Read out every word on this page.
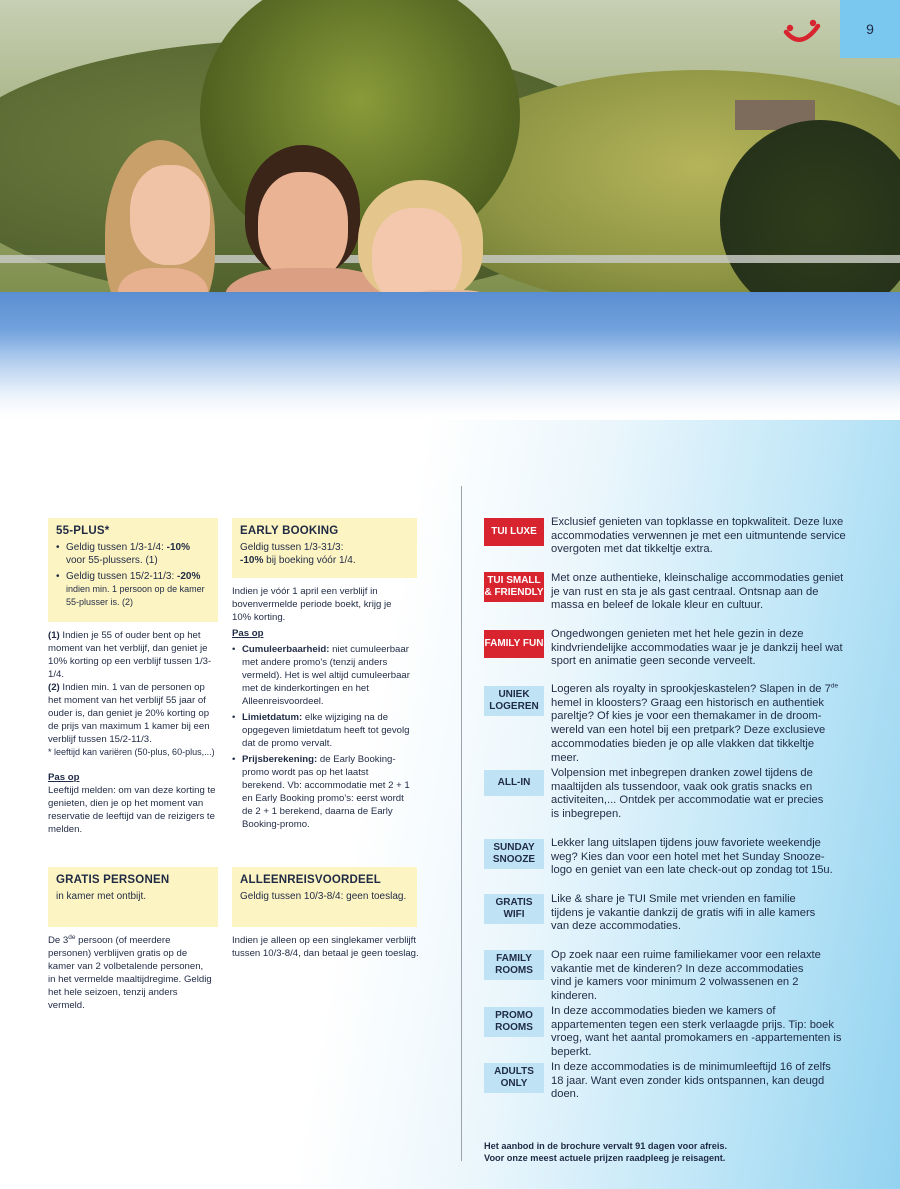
9
55-PLUS*
• Geldig tussen 1/3-1/4: -10%
voor 55-plussers. (1)
• Geldig tussen 15/2-11/3: -20%
indien min. 1 persoon op de kamer
55-plusser is. (2)

(1) Indien je 55 of ouder bent op het moment van het verblijf, dan geniet je 10% korting op een verblijf tussen 1/3-1/4.

(2) Indien min. 1 van de personen op het moment van het verblijf 55 jaar of ouder is, dan geniet je 20% korting op de prijs van maximum 1 kamer bij een verblijf tussen 15/2-11/3.

* leeftijd kan variëren (50-plus, 60-plus,...)

Pas op

Leeftijd melden: om van deze korting te genieten, dien je op het moment van reservatie de leeftijd van de reizigers te melden.

EARLY BOOKING
Geldig tussen 1/3-31/3:
-10% bij boeking vóór 1/4.

Indien je vóór 1 april een verblijf in bovenvermelde periode boekt, krijg je 10% korting.

Pas op

• Cumuleerbaarheid: niet cumuleerbaar met andere promo's (tenzij anders vermeld). Het is wel altijd cumuleerbaar met de kinderkortingen en het Alleenreisvoordeel.
• Limietdatum: elke wijziging na de opgegeven limietdatum heeft tot gevolg dat de promo vervalt.
• Prijsberekening: de Early Booking-promo wordt pas op het laatst berekend. Vb: accommodatie met 2 + 1 en Early Booking promo's: eerst wordt de 2 + 1 berekend, daarna de Early Booking-promo.
GRATIS PERSONEN
in kamer met ontbijt.

De 3de persoon (of meerdere personen) verblijven gratis op de kamer van 2 volbetalende personen, in het vermelde maaltijdregime. Geldig het hele seizoen, tenzij anders vermeld.

ALLEENREISVOORDEEL
Geldig tussen 10/3-8/4: geen toeslag.

Indien je alleen op een singlekamer verblijft tussen 10/3-8/4, dan betaal je geen toeslag.

TUI LUXE
Exclusief genieten van topklasse en topkwaliteit. Deze luxe accommodaties verwennen je met een uitmuntende service overgoten met dat tikkeltje extra.
TUI SMALL & FRIENDLY
Met onze authentieke, kleinschalige accommodaties geniet je van rust en sta je als gast centraal. Ontsnap aan de massa en beleef de lokale kleur en cultuur.
FAMILY FUN
Ongedwongen genieten met het hele gezin in deze kindvriendelijke accommodaties waar je je dankzij heel wat sport en animatie geen seconde verveelt.
UNIEK LOGEREN
Logeren als royalty in sprookjeskastelen? Slapen in de 7de hemel in kloosters? Graag een historisch en authentiek pareltje? Of kies je voor een themakamer in de droom-wereld van een hotel bij een pretpark? Deze exclusieve accommodaties bieden je op alle vlakken dat tikkeltje meer.
ALL-IN
Volpension met inbegrepen dranken zowel tijdens de maaltijden als tussendoor, vaak ook gratis snacks en activiteiten,... Ontdek per accommodatie wat er precies is inbegrepen.
SUNDAY SNOOZE
Lekker lang uitslapen tijdens jouw favoriete weekendje weg? Kies dan voor een hotel met het Sunday Snooze-logo en geniet van een late check-out op zondag tot 15u.
GRATIS WIFI
Like & share je TUI Smile met vrienden en familie tijdens je vakantie dankzij de gratis wifi in alle kamers van deze accommodaties.
FAMILY ROOMS
Op zoek naar een ruime familiekamer voor een relaxte vakantie met de kinderen? In deze accommodaties vind je kamers voor minimum 2 volwassenen en 2 kinderen.
PROMO ROOMS
In deze accommodaties bieden we kamers of appartementen tegen een sterk verlaagde prijs. Tip: boek vroeg, want het aantal promokamers en -appartementen is beperkt.
ADULTS ONLY
In deze accommodaties is de minimumleeftijd 16 of zelfs 18 jaar. Want even zonder kids ontspannen, kan deugd doen.
Het aanbod in de brochure vervalt 91 dagen voor afreis.
Voor onze meest actuele prijzen raadpleeg je reisagent.
